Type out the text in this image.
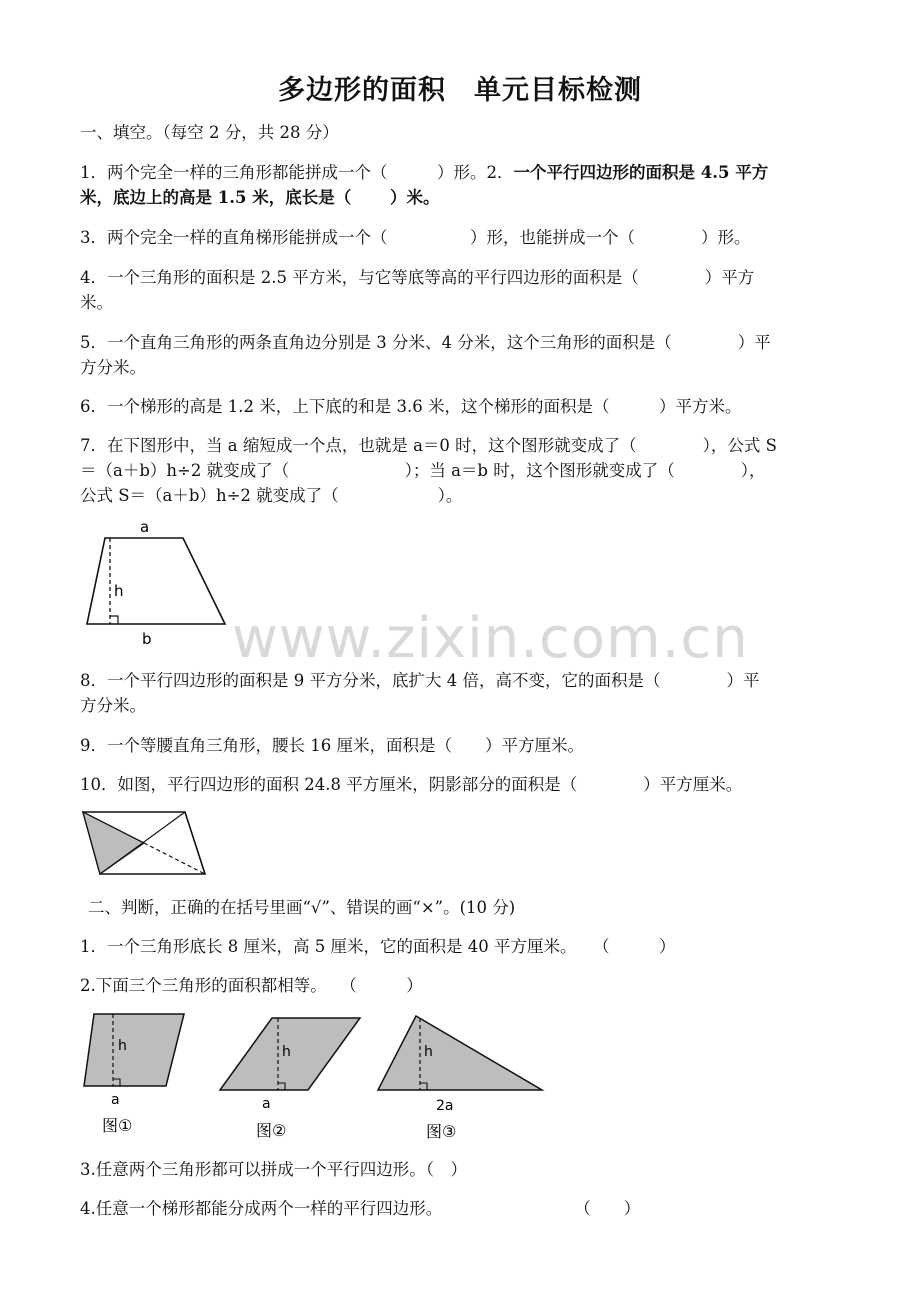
多边形的面积　单元目标检测
一、填空。（每空 2 分，共 28 分）
1．两个完全一样的三角形都能拼成一个（　　　）形。2．一个平行四边形的面积是 4.5 平方
米，底边上的高是 1.5 米，底长是（　　 ）米。
3．两个完全一样的直角梯形能拼成一个（　　　　　）形，也能拼成一个（　　　　）形。
4．一个三角形的面积是 2.5 平方米，与它等底等高的平行四边形的面积是（　　　　）平方
米。
5．一个直角三角形的两条直角边分别是 3 分米、4 分米，这个三角形的面积是（　　　　）平
方分米。
6．一个梯形的高是 1.2 米，上下底的和是 3.6 米，这个梯形的面积是（　　　）平方米。
7．在下图形中，当 a 缩短成一个点，也就是 a＝0 时，这个图形就变成了（　　　　），公式 S
＝（a＋b）h÷2 就变成了（　　　　　　　）；当 a＝b 时，这个图形就变成了（　　　　），
公式 S＝（a＋b）h÷2 就变成了（　　　　　　）。
a
h
b www.zixin.com.cn
8．一个平行四边形的面积是 9 平方分米，底扩大 4 倍，高不变，它的面积是（　　　　）平
方分米。
9．一个等腰直角三角形，腰长 16 厘米，面积是（　　）平方厘米。
10．如图，平行四边形的面积 24.8 平方厘米，阴影部分的面积是（　　　　）平方厘米。
二、判断，正确的在括号里画“√”、错误的画“×”。(10 分)
1．一个三角形底长 8 厘米，高 5 厘米，它的面积是 40 平方厘米。　　（　　　）
2.下面三个三角形的面积都相等。　 （　　　）
h
a
图①
h
a
图②
h
2a
图③
3.任意两个三角形都可以拼成一个平行四边形。（　）
4.任意一个梯形都能分成两个一样的平行四边形。　　　　　　　　　（　　）
